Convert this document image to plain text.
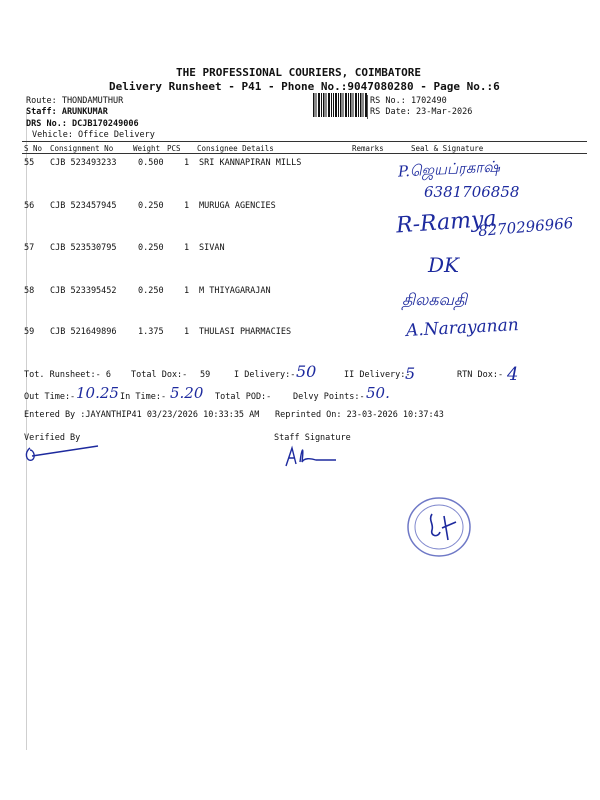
THE PROFESSIONAL COURIERS, COIMBATORE
Delivery Runsheet - P41 - Phone No.:9047080280 - Page No.:6
Route: THONDAMUTHUR
Staff: ARUNKUMAR
DRS No.: DCJB170249006
Vehicle: Office Delivery
RS No.: 1702490
RS Date: 23-Mar-2026
S No Consignment No	Weight PCS Consignee Details	Remarks	Seal & Signature
55 CJB 523493233	0.500 1 SRI KANNAPIRAN MILLS
56 CJB 523457945	0.250 1 MURUGA AGENCIES
57 CJB 523530795	0.250 1 SIVAN
58 CJB 523395452	0.250 1 M THIYAGARAJAN
59 CJB 521649896	1.375 1 THULASI PHARMACIES
P.ஜெயப்ரகாஷ்
6381706858
R-Ramya
8270296966
DK
திலகவதி
A.Narayanan
Tot. Runsheet:- 6 Total Dox:- 59	I Delivery:- 50	II Delivery:-
5	RTN Dox:- 4
Out Time:- 10.25 In Time:- 5.20 Total POD:-	Delvy Points:- 50.
Entered By :JAYANTHIP41 03/23/2026 10:33:35 AM Reprinted On: 23-03-2026 10:37:43
Verified By	Staff Signature
